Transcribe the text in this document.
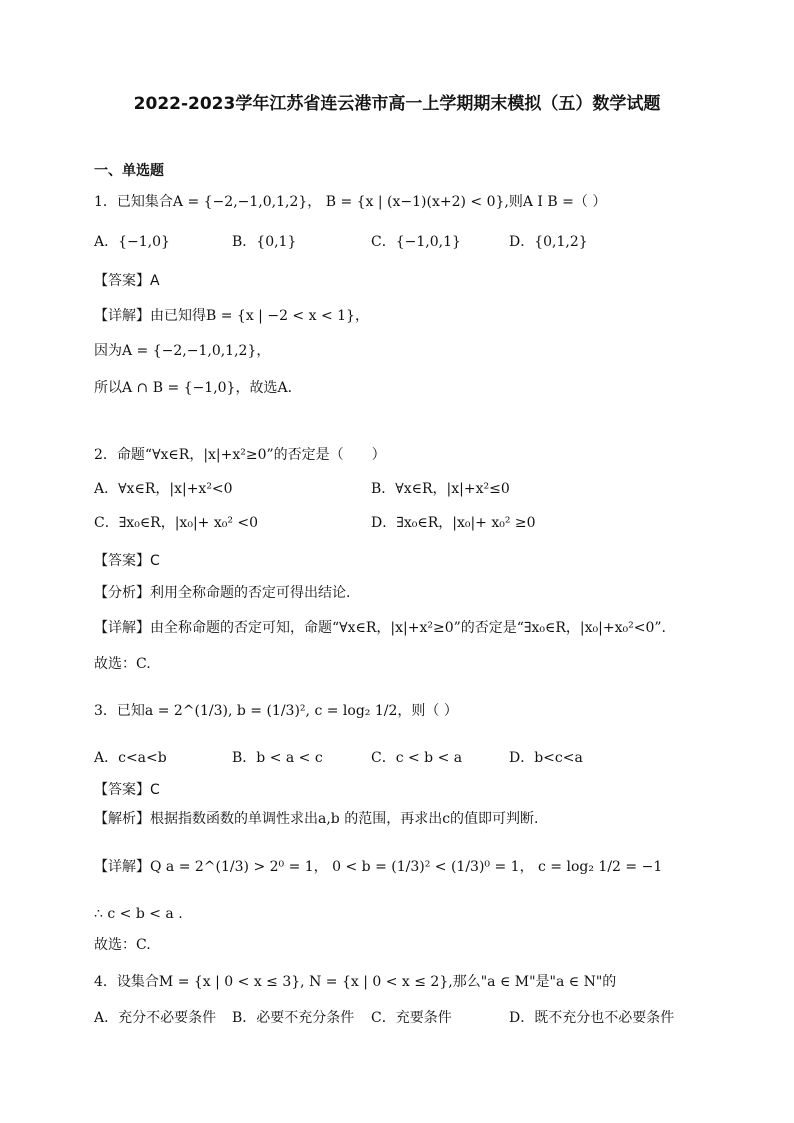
2022-2023学年江苏省连云港市高一上学期期末模拟（五）数学试题
一、单选题
1．已知集合A = {−2,−1,0,1,2}， B = {x | (x−1)(x+2) < 0},则A I B =（ ）
A．{−1,0}	B．{0,1}	C．{−1,0,1}	D．{0,1,2}
【答案】A
【详解】由已知得B = {x | −2 < x < 1}，
因为A = {−2,−1,0,1,2}，
所以A ∩ B = {−1,0}，故选A．
2．命题“∀x∈R，|x|+x²≥0”的否定是（　　）
A．∀x∈R，|x|+x²<0	B．∀x∈R，|x|+x²≤0
C．∃x₀∈R，|x₀|+ x₀² <0	D．∃x₀∈R，|x₀|+ x₀² ≥0
【答案】C
【分析】利用全称命题的否定可得出结论.
【详解】由全称命题的否定可知，命题“∀x∈R，|x|+x²≥0”的否定是“∃x₀∈R，|x₀|+x₀²<0”.
故选：C.
3．已知a = 2^(1/3), b = (1/3)², c = log₂ 1/2，则（ ）
A．c<a<b	B．b < a < c	C．c < b < a	D．b<c<a
【答案】C
【解析】根据指数函数的单调性求出a,b 的范围，再求出c的值即可判断.
【详解】Q a = 2^(1/3) > 2⁰ = 1， 0 < b = (1/3)² < (1/3)⁰ = 1， c = log₂ 1/2 = −1
∴ c < b < a .
故选：C.
4．设集合M = {x | 0 < x ≤ 3}, N = {x | 0 < x ≤ 2},那么"a ∈ M"是"a ∈ N"的
A．充分不必要条件 B．必要不充分条件 C．充要条件	D．既不充分也不必要条件
